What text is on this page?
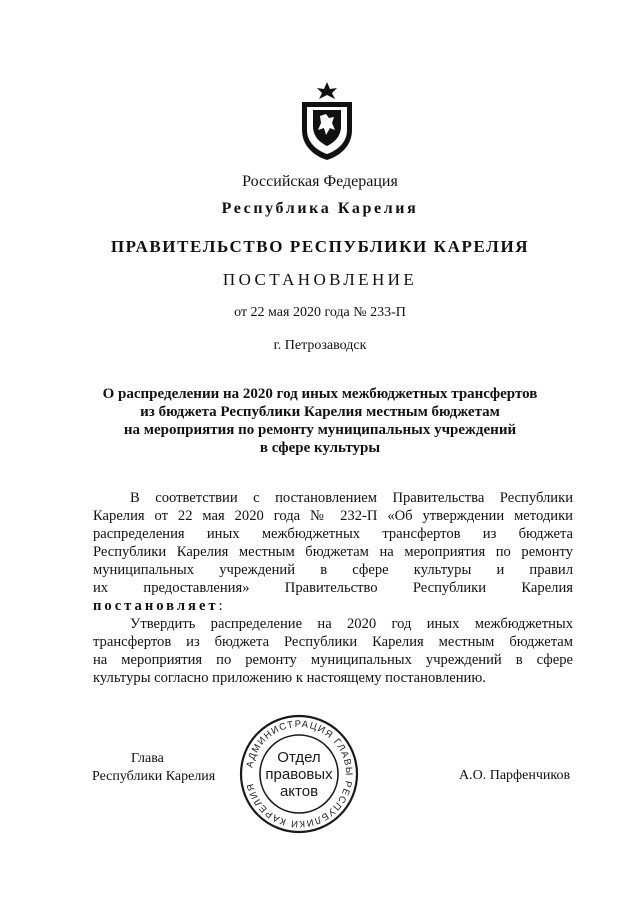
Российская Федерация
Республика Карелия
ПРАВИТЕЛЬСТВО РЕСПУБЛИКИ КАРЕЛИЯ
ПОСТАНОВЛЕНИЕ
от 22 мая 2020 года № 233-П
г. Петрозаводск
О распределении на 2020 год иных межбюджетных трансфертов
из бюджета Республики Карелия местным бюджетам
на мероприятия по ремонту муниципальных учреждений
в сфере культуры
В соответствии с постановлением Правительства Республики
Карелия от 22 мая 2020 года № 232-П «Об утверждении методики
распределения иных межбюджетных трансфертов из бюджета
Республики Карелия местным бюджетам на мероприятия по ремонту
муниципальных учреждений в сфере культуры и правил
их предоставления» Правительство Республики Карелия
постановляет:
Утвердить распределение на 2020 год иных межбюджетных
трансфертов из бюджета Республики Карелия местным бюджетам
на мероприятия по ремонту муниципальных учреждений в сфере
культуры согласно приложению к настоящему постановлению.
Глава
Республики Карелия	А.О. Парфенчиков
АДМИНИСТРАЦИЯ ГЛАВЫ РЕСПУБЛИКИ КАРЕЛИЯ
Отдел
правовых
актов
